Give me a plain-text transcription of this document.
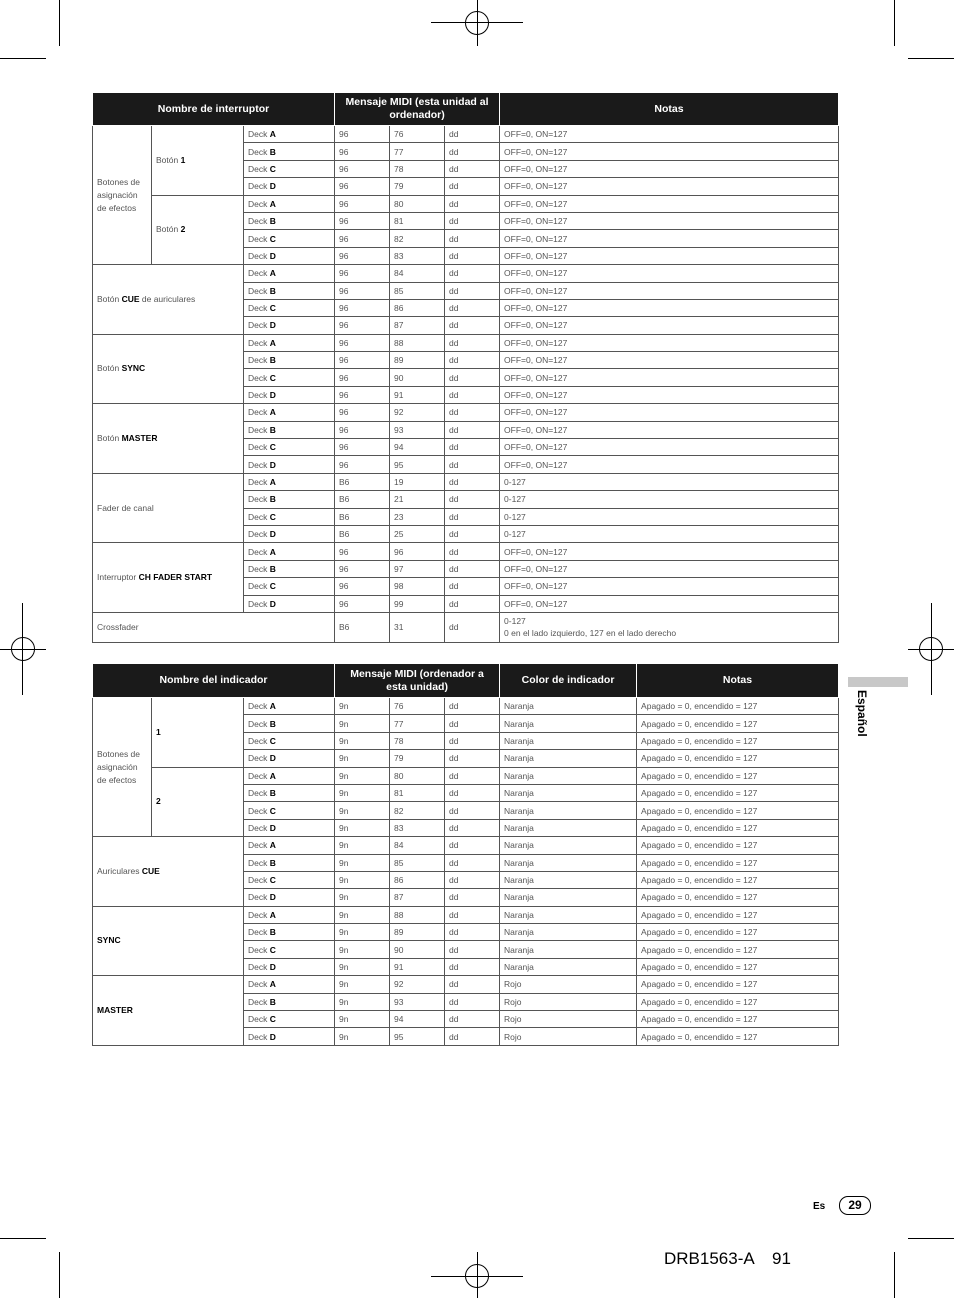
Nombre de interruptor			Mensaje MIDI (esta unidad al ordenador)			Notas
Botones de asignación de efectos	Botón 1	Deck A	96	76	dd	OFF=0, ON=127
		Deck B	96	77	dd	OFF=0, ON=127
		Deck C	96	78	dd	OFF=0, ON=127
		Deck D	96	79	dd	OFF=0, ON=127
	Botón 2	Deck A	96	80	dd	OFF=0, ON=127
		Deck B	96	81	dd	OFF=0, ON=127
		Deck C	96	82	dd	OFF=0, ON=127
		Deck D	96	83	dd	OFF=0, ON=127
Botón CUE de auriculares		Deck A	96	84	dd	OFF=0, ON=127
		Deck B	96	85	dd	OFF=0, ON=127
		Deck C	96	86	dd	OFF=0, ON=127
		Deck D	96	87	dd	OFF=0, ON=127
Botón SYNC		Deck A	96	88	dd	OFF=0, ON=127
		Deck B	96	89	dd	OFF=0, ON=127
		Deck C	96	90	dd	OFF=0, ON=127
		Deck D	96	91	dd	OFF=0, ON=127
Botón MASTER		Deck A	96	92	dd	OFF=0, ON=127
		Deck B	96	93	dd	OFF=0, ON=127
		Deck C	96	94	dd	OFF=0, ON=127
		Deck D	96	95	dd	OFF=0, ON=127
Fader de canal		Deck A	B6	19	dd	0-127
		Deck B	B6	21	dd	0-127
		Deck C	B6	23	dd	0-127
		Deck D	B6	25	dd	0-127
Interruptor CH FADER START		Deck A	96	96	dd	OFF=0, ON=127
		Deck B	96	97	dd	OFF=0, ON=127
		Deck C	96	98	dd	OFF=0, ON=127
		Deck D	96	99	dd	OFF=0, ON=127
Crossfader			B6	31	dd	0-127
0 en el lado izquierdo, 127 en el lado derecho
Nombre del indicador			Mensaje MIDI (ordenador a esta unidad)			Color de indicador	Notas
Botones de asignación de efectos	1	Deck A	9n	76	dd	Naranja	Apagado = 0, encendido = 127
		Deck B	9n	77	dd	Naranja	Apagado = 0, encendido = 127
		Deck C	9n	78	dd	Naranja	Apagado = 0, encendido = 127
		Deck D	9n	79	dd	Naranja	Apagado = 0, encendido = 127
	2	Deck A	9n	80	dd	Naranja	Apagado = 0, encendido = 127
		Deck B	9n	81	dd	Naranja	Apagado = 0, encendido = 127
		Deck C	9n	82	dd	Naranja	Apagado = 0, encendido = 127
		Deck D	9n	83	dd	Naranja	Apagado = 0, encendido = 127
Auriculares CUE		Deck A	9n	84	dd	Naranja	Apagado = 0, encendido = 127
		Deck B	9n	85	dd	Naranja	Apagado = 0, encendido = 127
		Deck C	9n	86	dd	Naranja	Apagado = 0, encendido = 127
		Deck D	9n	87	dd	Naranja	Apagado = 0, encendido = 127
SYNC		Deck A	9n	88	dd	Naranja	Apagado = 0, encendido = 127
		Deck B	9n	89	dd	Naranja	Apagado = 0, encendido = 127
		Deck C	9n	90	dd	Naranja	Apagado = 0, encendido = 127
		Deck D	9n	91	dd	Naranja	Apagado = 0, encendido = 127
MASTER		Deck A	9n	92	dd	Rojo	Apagado = 0, encendido = 127
		Deck B	9n	93	dd	Rojo	Apagado = 0, encendido = 127
		Deck C	9n	94	dd	Rojo	Apagado = 0, encendido = 127
		Deck D	9n	95	dd	Rojo	Apagado = 0, encendido = 127
Español
Es	29
DRB1563-A 91
